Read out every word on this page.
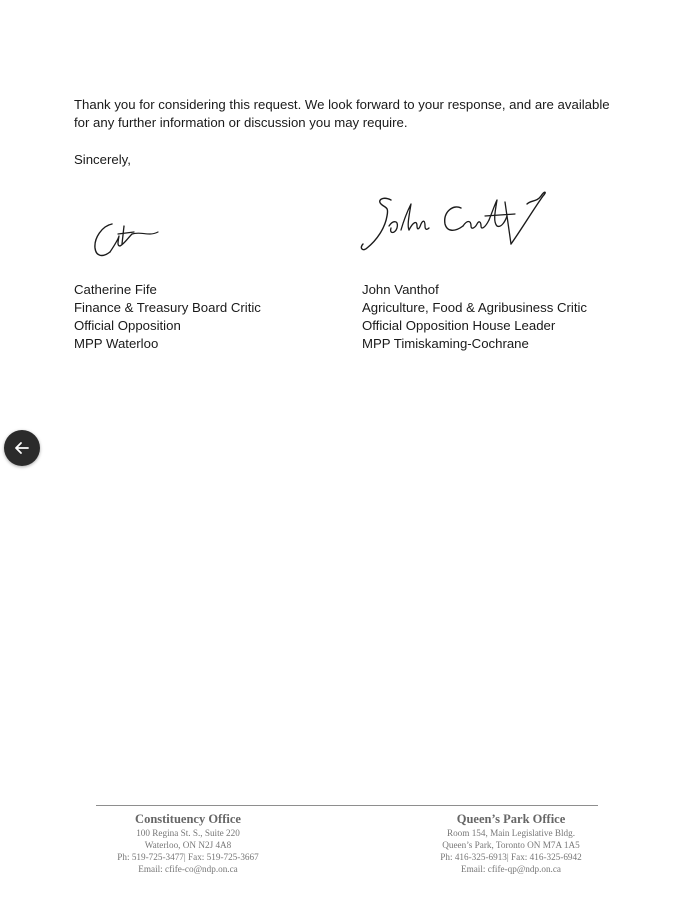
Thank you for considering this request. We look forward to your response, and are available for any further information or discussion you may require.
Sincerely,
Catherine Fife
Finance & Treasury Board Critic
Official Opposition
MPP Waterloo
John Vanthof
Agriculture, Food & Agribusiness Critic
Official Opposition House Leader
MPP Timiskaming-Cochrane
Constituency Office
100 Regina St. S., Suite 220
Waterloo, ON N2J 4A8
Ph: 519-725-3477| Fax: 519-725-3667
Email: cfife-co@ndp.on.ca
Queen’s Park Office
Room 154, Main Legislative Bldg.
Queen’s Park, Toronto ON M7A 1A5
Ph: 416-325-6913| Fax: 416-325-6942
Email: cfife-qp@ndp.on.ca
